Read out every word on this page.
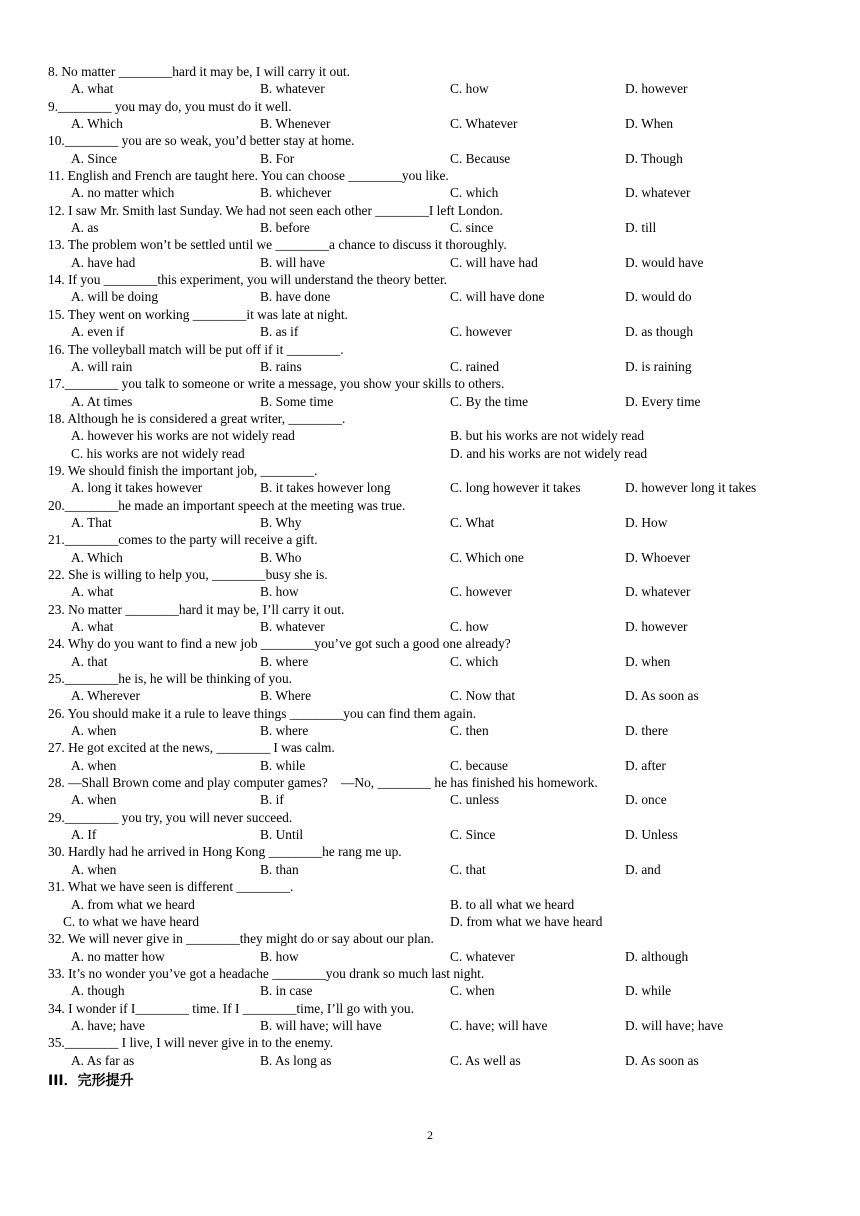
8. No matter ________hard it may be, I will carry it out.
A. what	B. whatever	C. how	D. however
9.________ you may do, you must do it well.
A. Which	B. Whenever	C. Whatever	D. When
10.________ you are so weak, you’d better stay at home.
A. Since	B. For	C. Because	D. Though
11. English and French are taught here. You can choose ________you like.
A. no matter which	B. whichever	C. which	D. whatever
12. I saw Mr. Smith last Sunday. We had not seen each other ________I left London.
A. as	B. before	C. since	D. till
13. The problem won’t be settled until we ________a chance to discuss it thoroughly.
A. have had	B. will have	C. will have had	D. would have
14. If you ________this experiment, you will understand the theory better.
A. will be doing	B. have done	C. will have done	D. would do
15. They went on working ________it was late at night.
A. even if	B. as if	C. however	D. as though
16. The volleyball match will be put off if it ________.
A. will rain	B. rains	C. rained	D. is raining
17.________ you talk to someone or write a message, you show your skills to others.
A. At times	B. Some time	C. By the time	D. Every time
18. Although he is considered a great writer, ________.
A. however his works are not widely read	B. but his works are not widely read
C. his works are not widely read	D. and his works are not widely read
19. We should finish the important job, ________.
A. long it takes however	B. it takes however long	C. long however it takes	D. however long it takes
20.________he made an important speech at the meeting was true.
A. That	B. Why	C. What	D. How
21.________comes to the party will receive a gift.
A. Which	B. Who	C. Which one	D. Whoever
22. She is willing to help you, ________busy she is.
A. what	B. how	C. however	D. whatever
23. No matter ________hard it may be, I’ll carry it out.
A. what	B. whatever	C. how	D. however
24. Why do you want to find a new job ________you’ve got such a good one already?
A. that	B. where	C. which	D. when
25.________he is, he will be thinking of you.
A. Wherever	B. Where	C. Now that	D. As soon as
26. You should make it a rule to leave things ________you can find them again.
A. when	B. where	C. then	D. there
27. He got excited at the news, ________ I was calm.
A. when	B. while	C. because	D. after
28. —Shall Brown come and play computer games?　—No, ________ he has finished his homework.
A. when	B. if	C. unless	D. once
29.________ you try, you will never succeed.
A. If	B. Until	C. Since	D. Unless
30. Hardly had he arrived in Hong Kong ________he rang me up.
A. when	B. than	C. that	D. and
31. What we have seen is different ________.
A. from what we heard	B. to all what we heard
C. to what we have heard	D. from what we have heard
32. We will never give in ________they might do or say about our plan.
A. no matter how	B. how	C. whatever	D. although
33. It’s no wonder you’ve got a headache ________you drank so much last night.
A. though	B. in case	C. when	D. while
34. I wonder if I________ time. If I ________time, I’ll go with you.
A. have; have	B. will have; will have	C. have; will have	D. will have; have
35.________ I live, I will never give in to the enemy.
A. As far as	B. As long as	C. As well as	D. As soon as
III．完形提升
2
